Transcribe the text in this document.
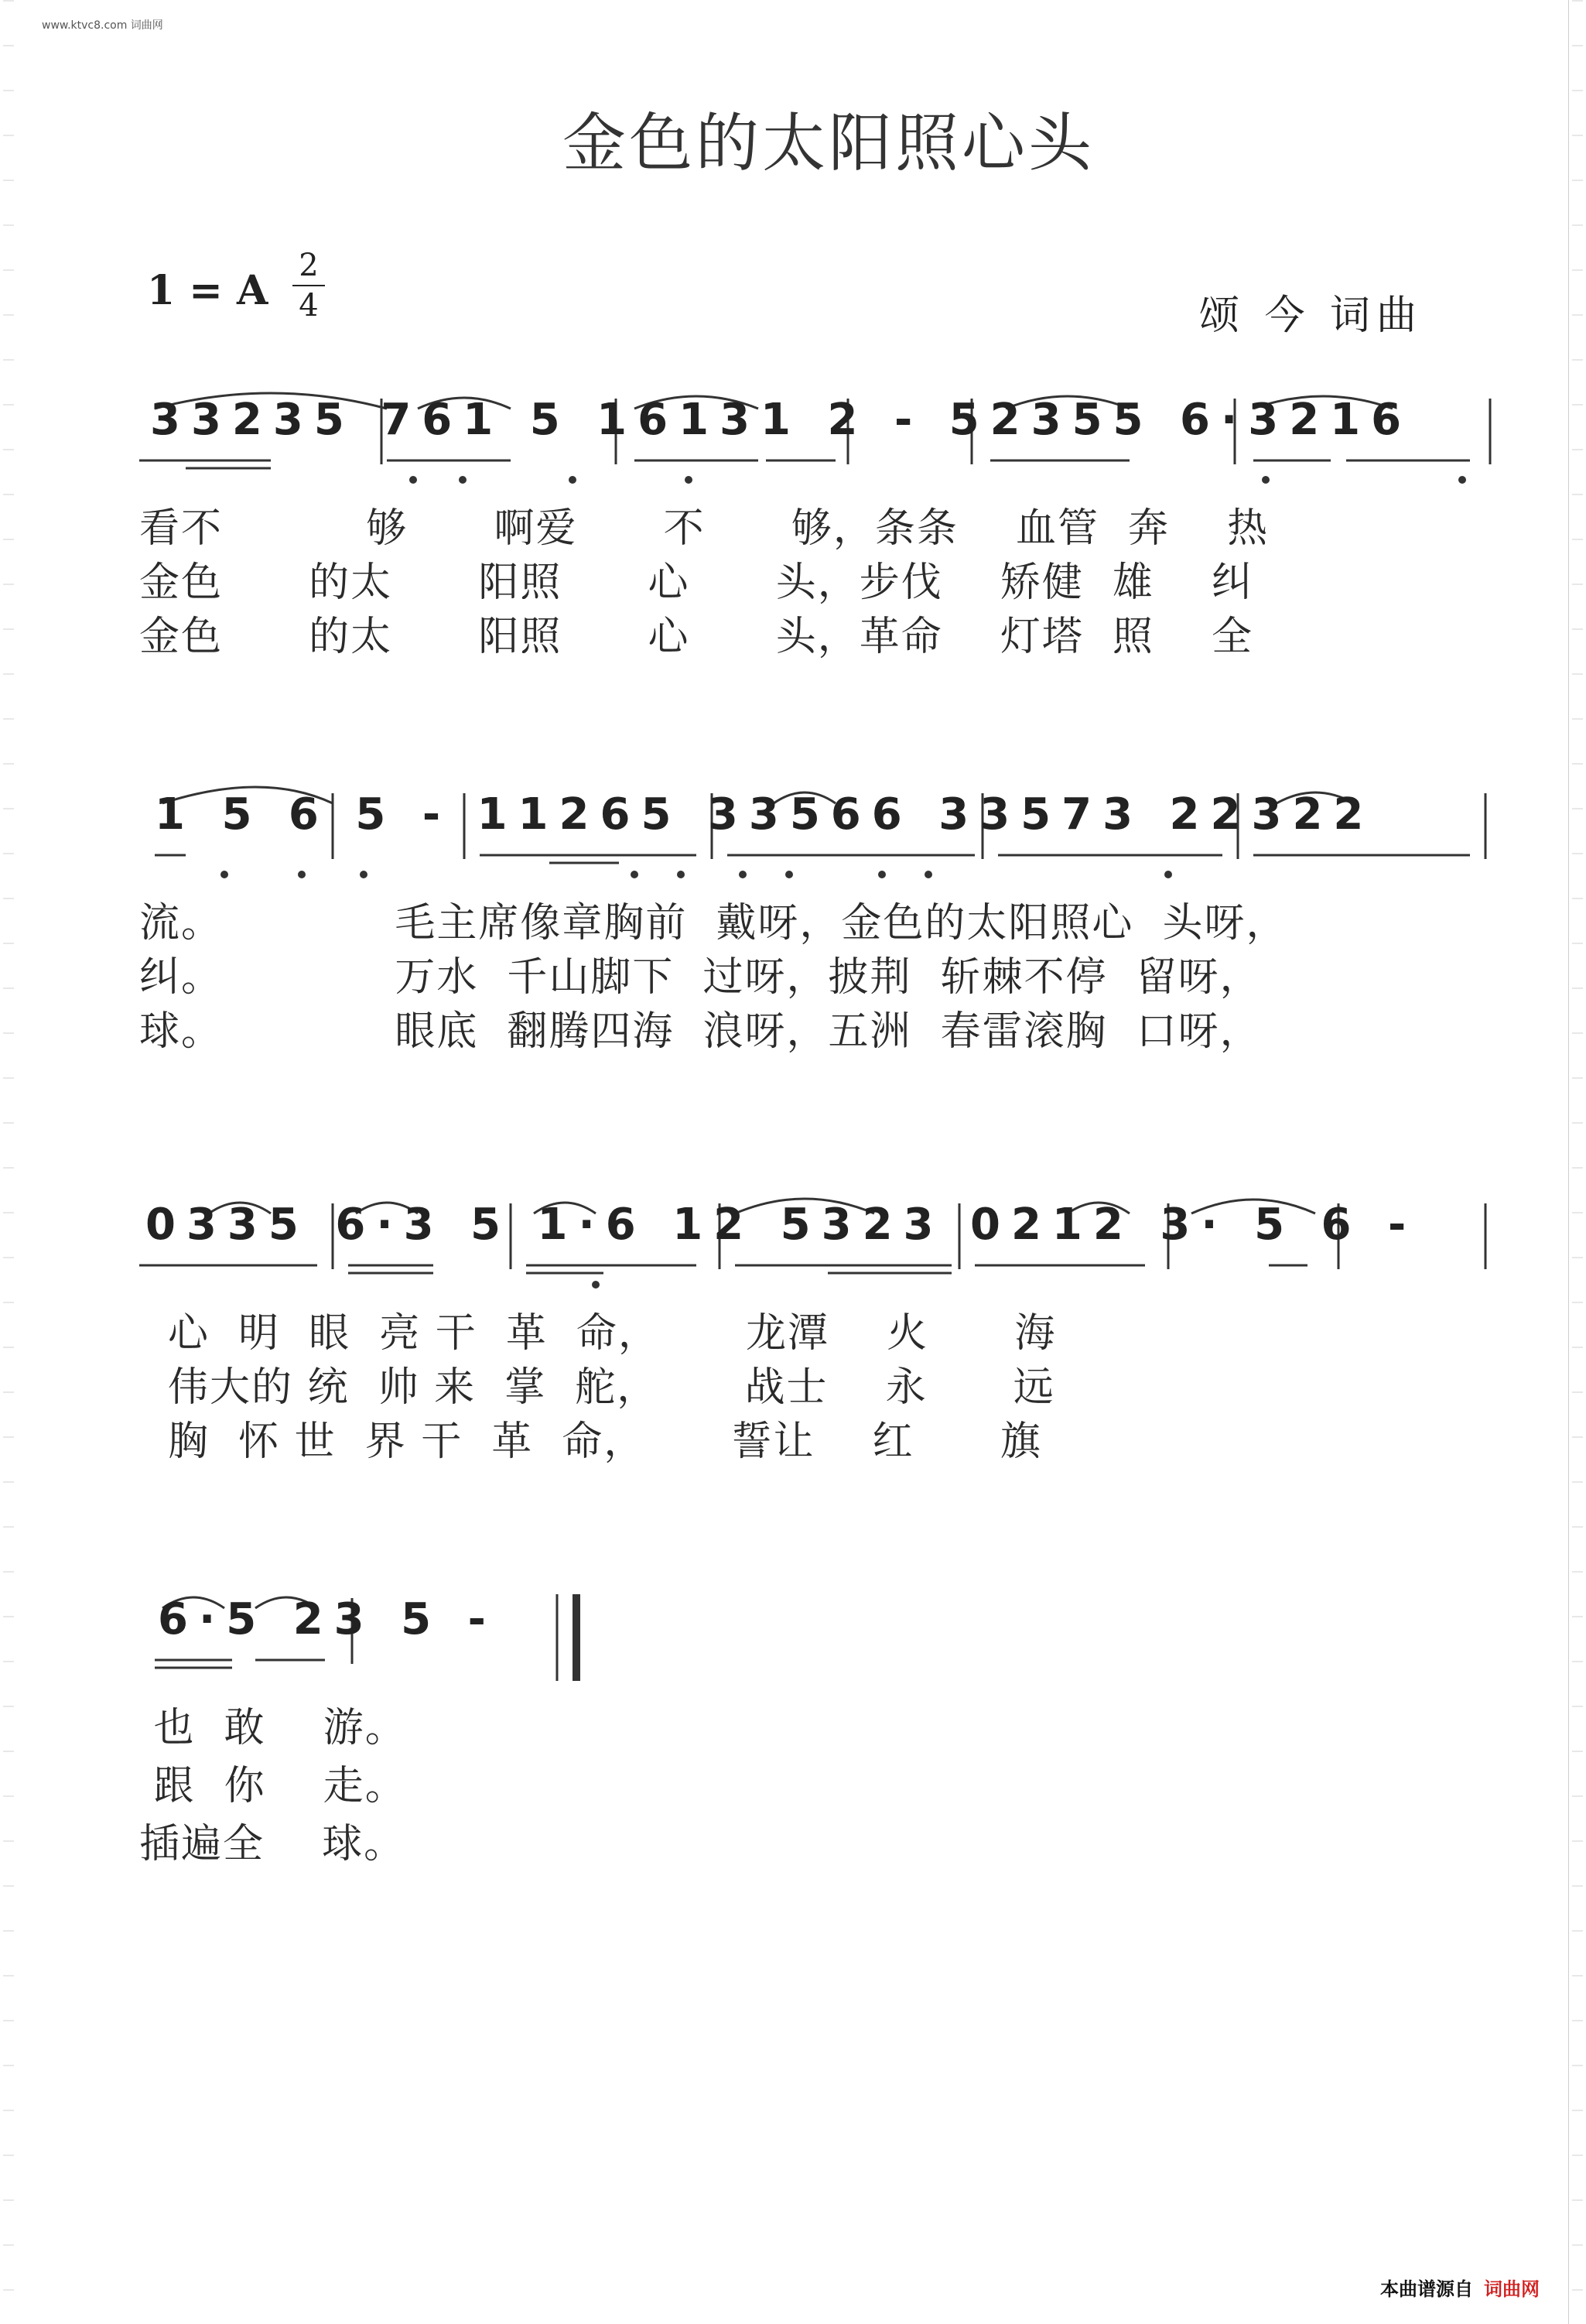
www.ktvc8.com 词曲网
金色的太阳照心头
1 = A
2
4	颂 今 词曲
33235 761 5 16131 2 - 52355 6·3216
看不          够      啊爱      不      够，条条    血管  奔    热
金色      的太      阳照      心      头，步伐    矫健  雄    纠
金色      的太      阳照      心      头，革命    灯塔  照    全
1 5 6 5 - 11265 33566 33573 22322
流。            毛主席像章胸前  戴呀，金色的太阳照心  头呀，
纠。            万水  千山脚下  过呀，披荆  斩棘不停  留呀，
球。            眼底  翻腾四海  浪呀，五洲  春雷滚胸  口呀，
0335 6·3 5 1·6 12 5323 0212 3· 5 6 -
心  明  眼  亮 干  革  命，      龙潭    火      海
伟大的 统  帅 来  掌  舵，      战士    永      远
胸  怀 世  界 干  革  命，      誓让    红      旗
6·5 23 5 -
也  敢    游。
跟  你    走。
插遍全    球。
本曲谱源自 词曲网
